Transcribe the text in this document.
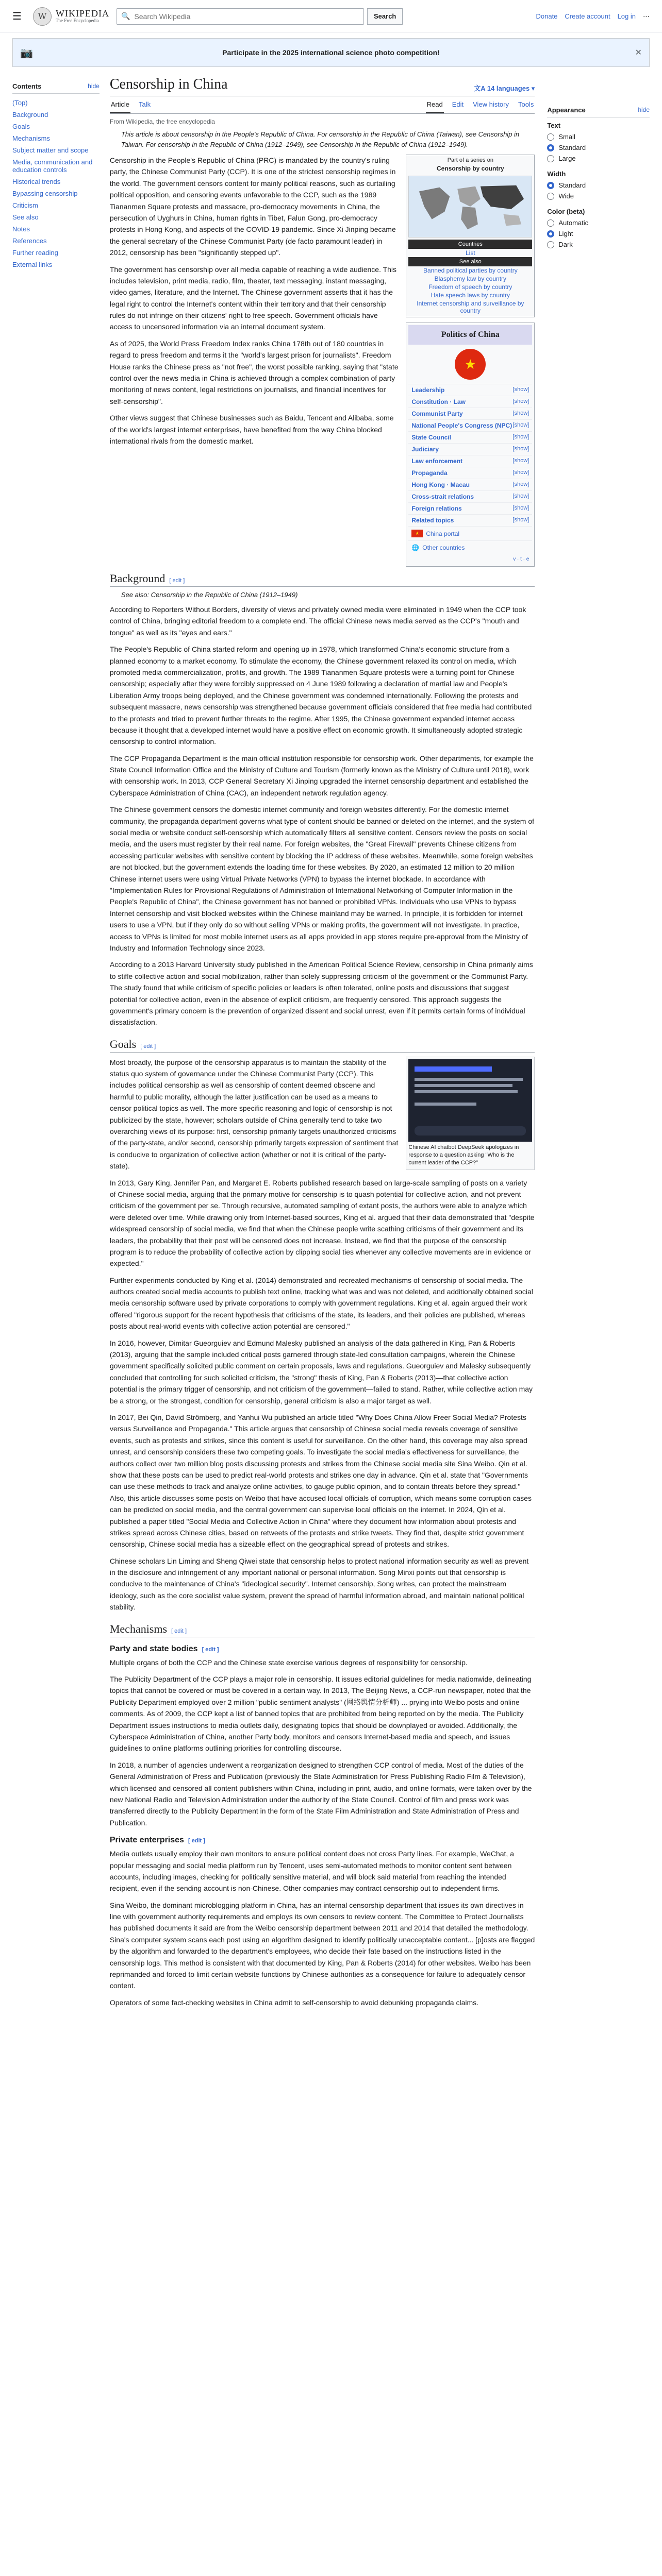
☰	W WIKIPEDIA
The Free Encyclopedia
🔍
Search Wikipedia	Search	Donate Create account Log in ⋯
📷	Participate in the 2025 international science photo competition!	✕
Contents	hide
(Top)
Background
Goals
Mechanisms
Subject matter and scope
Media, communication and education controls
Historical trends
Bypassing censorship
Criticism
See also
Notes
References
Further reading
External links
Censorship in China	文A 14 languages ▾
Article Talk	Read Edit View history Tools
From Wikipedia, the free encyclopedia
This article is about censorship in the People's Republic of China. For censorship in the Republic of China (Taiwan), see Censorship in Taiwan. For censorship in the Republic of China (1912–1949), see Censorship in the Republic of China (1912–1949).
Part of a series on
Censorship by country
Countries
List
See also
Banned political parties by country
Blasphemy law by country
Freedom of speech by country
Hate speech laws by country
Internet censorship and surveillance by country

Censorship in the People's Republic of China (PRC) is mandated by the country's ruling party, the Chinese Communist Party (CCP). It is one of the strictest censorship regimes in the world. The government censors content for mainly political reasons, such as curtailing political opposition, and censoring events unfavorable to the CCP, such as the 1989 Tiananmen Square protests and massacre, pro-democracy movements in China, the persecution of Uyghurs in China, human rights in Tibet, Falun Gong, pro-democracy protests in Hong Kong, and aspects of the COVID-19 pandemic. Since Xi Jinping became the general secretary of the Chinese Communist Party (de facto paramount leader) in 2012, censorship has been "significantly stepped up".

Politics of China
★
Leadership	[show]
Constitution · Law	[show]
Communist Party	[show]
National People's Congress (NPC) [show]
State Council	[show]
Judiciary	[show]
Law enforcement	[show]
Propaganda	[show]
Hong Kong · Macau	[show]
Cross-strait relations	[show]
Foreign relations	[show]
Related topics	[show]
★	China portal
🌐 Other countries
v · t · e

The government has censorship over all media capable of reaching a wide audience. This includes television, print media, radio, film, theater, text messaging, instant messaging, video games, literature, and the Internet. The Chinese government asserts that it has the legal right to control the Internet's content within their territory and that their censorship rules do not infringe on their citizens' right to free speech. Government officials have access to uncensored information via an internal document system.

As of 2025, the World Press Freedom Index ranks China 178th out of 180 countries in regard to press freedom and terms it the "world's largest prison for journalists". Freedom House ranks the Chinese press as "not free", the worst possible ranking, saying that "state control over the news media in China is achieved through a complex combination of party monitoring of news content, legal restrictions on journalists, and financial incentives for self-censorship".

Other views suggest that Chinese businesses such as Baidu, Tencent and Alibaba, some of the world's largest internet enterprises, have benefited from the way China blocked international rivals from the domestic market.

Background [ edit ]
See also: Censorship in the Republic of China (1912–1949)

According to Reporters Without Borders, diversity of views and privately owned media were eliminated in 1949 when the CCP took control of China, bringing editorial freedom to a complete end. The official Chinese news media served as the CCP's "mouth and tongue" as well as its "eyes and ears."

The People's Republic of China started reform and opening up in 1978, which transformed China's economic structure from a planned economy to a market economy. To stimulate the economy, the Chinese government relaxed its control on media, which promoted media commercialization, profits, and growth. The 1989 Tiananmen Square protests were a turning point for Chinese censorship; especially after they were forcibly suppressed on 4 June 1989 following a declaration of martial law and People's Liberation Army troops being deployed, and the Chinese government was condemned internationally. Following the protests and subsequent massacre, news censorship was strengthened because government officials considered that free media had contributed to the protests and tried to prevent further threats to the regime. After 1995, the Chinese government expanded internet access because it thought that a developed internet would have a positive effect on economic growth. It simultaneously adopted strategic censorship to control information.

The CCP Propaganda Department is the main official institution responsible for censorship work. Other departments, for example the State Council Information Office and the Ministry of Culture and Tourism (formerly known as the Ministry of Culture until 2018), work with censorship work. In 2013, CCP General Secretary Xi Jinping upgraded the internet censorship department and established the Cyberspace Administration of China (CAC), an independent network regulation agency.

The Chinese government censors the domestic internet community and foreign websites differently. For the domestic internet community, the propaganda department governs what type of content should be banned or deleted on the internet, and the system of social media or website conduct self-censorship which automatically filters all sensitive content. Censors review the posts on social media, and the users must register by their real name. For foreign websites, the "Great Firewall" prevents Chinese citizens from accessing particular websites with sensitive content by blocking the IP address of these websites. Meanwhile, some foreign websites are not blocked, but the government extends the loading time for these websites. By 2020, an estimated 12 million to 20 million Chinese internet users were using Virtual Private Networks (VPN) to bypass the internet blockade. In accordance with "Implementation Rules for Provisional Regulations of Administration of International Networking of Computer Information in the People's Republic of China", the Chinese government has not banned or prohibited VPNs. Individuals who use VPNs to bypass Internet censorship and visit blocked websites within the Chinese mainland may be warned. In principle, it is forbidden for internet users to use a VPN, but if they only do so without selling VPNs or making profits, the government will not investigate. In practice, access to VPNs is limited for most mobile internet users as all apps provided in app stores require pre-approval from the Ministry of Industry and Information Technology since 2023.

According to a 2013 Harvard University study published in the American Political Science Review, censorship in China primarily aims to stifle collective action and social mobilization, rather than solely suppressing criticism of the government or the Communist Party. The study found that while criticism of specific policies or leaders is often tolerated, online posts and discussions that suggest potential for collective action, even in the absence of explicit criticism, are frequently censored. This approach suggests the government's primary concern is the prevention of organized dissent and social unrest, even if it permits certain forms of individual dissatisfaction.

Goals [ edit ]
Chinese AI chatbot DeepSeek apologizes in response to a question asking "Who is the current leader of the CCP?"

Most broadly, the purpose of the censorship apparatus is to maintain the stability of the status quo system of governance under the Chinese Communist Party (CCP). This includes political censorship as well as censorship of content deemed obscene and harmful to public morality, although the latter justification can be used as a means to censor political topics as well. The more specific reasoning and logic of censorship is not publicized by the state, however; scholars outside of China generally tend to take two overarching views of its purpose: first, censorship primarily targets unauthorized criticisms of the party-state, and/or second, censorship primarily targets expression of sentiment that is conducive to organization of collective action (whether or not it is critical of the party-state).

In 2013, Gary King, Jennifer Pan, and Margaret E. Roberts published research based on large-scale sampling of posts on a variety of Chinese social media, arguing that the primary motive for censorship is to quash potential for collective action, and not prevent criticism of the government per se. Through recursive, automated sampling of extant posts, the authors were able to analyze which were deleted over time. While drawing only from Internet-based sources, King et al. argued that their data demonstrated that "despite widespread censorship of social media, we find that when the Chinese people write scathing criticisms of their government and its leaders, the probability that their post will be censored does not increase. Instead, we find that the purpose of the censorship program is to reduce the probability of collective action by clipping social ties whenever any collective movements are in evidence or expected."

Further experiments conducted by King et al. (2014) demonstrated and recreated mechanisms of censorship of social media. The authors created social media accounts to publish text online, tracking what was and was not deleted, and additionally obtained social media censorship software used by private corporations to comply with government regulations. King et al. again argued their work offered "rigorous support for the recent hypothesis that criticisms of the state, its leaders, and their policies are published, whereas posts about real-world events with collective action potential are censored."

In 2016, however, Dimitar Gueorguiev and Edmund Malesky published an analysis of the data gathered in King, Pan & Roberts (2013), arguing that the sample included critical posts garnered through state-led consultation campaigns, wherein the Chinese government specifically solicited public comment on certain proposals, laws and regulations. Gueorguiev and Malesky subsequently concluded that controlling for such solicited criticism, the "strong" thesis of King, Pan & Roberts (2013)—that collective action potential is the primary trigger of censorship, and not criticism of the government—failed to stand. Rather, while collective action may be a strong, or the strongest, condition for censorship, general criticism is also a major target as well.

In 2017, Bei Qin, David Strömberg, and Yanhui Wu published an article titled "Why Does China Allow Freer Social Media? Protests versus Surveillance and Propaganda." This article argues that censorship of Chinese social media reveals coverage of sensitive events, such as protests and strikes, since this content is useful for surveillance. On the other hand, this coverage may also spread unrest, and censorship considers these two competing goals. To investigate the social media's effectiveness for surveillance, the authors collect over two million blog posts discussing protests and strikes from the Chinese social media site Sina Weibo. Qin et al. show that these posts can be used to predict real-world protests and strikes one day in advance. Qin et al. state that "Governments can use these methods to track and analyze online activities, to gauge public opinion, and to contain threats before they spread." Also, this article discusses some posts on Weibo that have accused local officials of corruption, which means some corruption cases can be predicted on social media, and the central government can supervise local officials on the internet. In 2024, Qin et al. published a paper titled "Social Media and Collective Action in China" where they document how information about protests and strikes spread across Chinese cities, based on retweets of the protests and strike tweets. They find that, despite strict government censorship, Chinese social media has a sizeable effect on the geographical spread of protests and strikes.

Chinese scholars Lin Liming and Sheng Qiwei state that censorship helps to protect national information security as well as prevent in the disclosure and infringement of any important national or personal information. Song Minxi points out that censorship is conducive to the maintenance of China's "ideological security". Internet censorship, Song writes, can protect the mainstream ideology, such as the core socialist value system, prevent the spread of harmful information abroad, and maintain national political stability.

Mechanisms [ edit ]
Party and state bodies [ edit ]

Multiple organs of both the CCP and the Chinese state exercise various degrees of responsibility for censorship.

The Publicity Department of the CCP plays a major role in censorship. It issues editorial guidelines for media nationwide, delineating topics that cannot be covered or must be covered in a certain way. In 2013, The Beijing News, a CCP-run newspaper, noted that the Publicity Department employed over 2 million "public sentiment analysts" (网络舆情分析师) ... prying into Weibo posts and online comments. As of 2009, the CCP kept a list of banned topics that are prohibited from being reported on by the media. The Publicity Department issues instructions to media outlets daily, designating topics that should be downplayed or avoided. Additionally, the Cyberspace Administration of China, another Party body, monitors and censors Internet-based media and speech, and issues guidelines to online platforms outlining priorities for controlling discourse.

In 2018, a number of agencies underwent a reorganization designed to strengthen CCP control of media. Most of the duties of the General Administration of Press and Publication (previously the State Administration for Press Publishing Radio Film & Television), which licensed and censored all content publishers within China, including in print, audio, and online formats, were taken over by the new National Radio and Television Administration under the authority of the State Council. Control of film and press work was transferred directly to the Publicity Department in the form of the State Film Administration and State Administration of Press and Publication.

Private enterprises [ edit ]

Media outlets usually employ their own monitors to ensure political content does not cross Party lines. For example, WeChat, a popular messaging and social media platform run by Tencent, uses semi-automated methods to monitor content sent between accounts, including images, checking for politically sensitive material, and will block said material from reaching the intended recipient, even if the sending account is non-Chinese. Other companies may contract censorship out to independent firms.

Sina Weibo, the dominant microblogging platform in China, has an internal censorship department that issues its own directives in line with government authority requirements and employs its own censors to review content. The Committee to Protect Journalists has published documents it said are from the Weibo censorship department between 2011 and 2014 that detailed the methodology. Sina's computer system scans each post using an algorithm designed to identify politically unacceptable content... [p]osts are flagged by the algorithm and forwarded to the department's employees, who decide their fate based on the instructions listed in the censorship logs. This method is consistent with that documented by King, Pan & Roberts (2014) for other websites. Weibo has been reprimanded and forced to limit certain website functions by Chinese authorities as a consequence for failure to adequately censor content.

Operators of some fact-checking websites in China admit to self-censorship to avoid debunking propaganda claims.

Appearance	hide
Text
Small
Standard
Large
Width
Standard
Wide
Color (beta)
Automatic
Light
Dark
